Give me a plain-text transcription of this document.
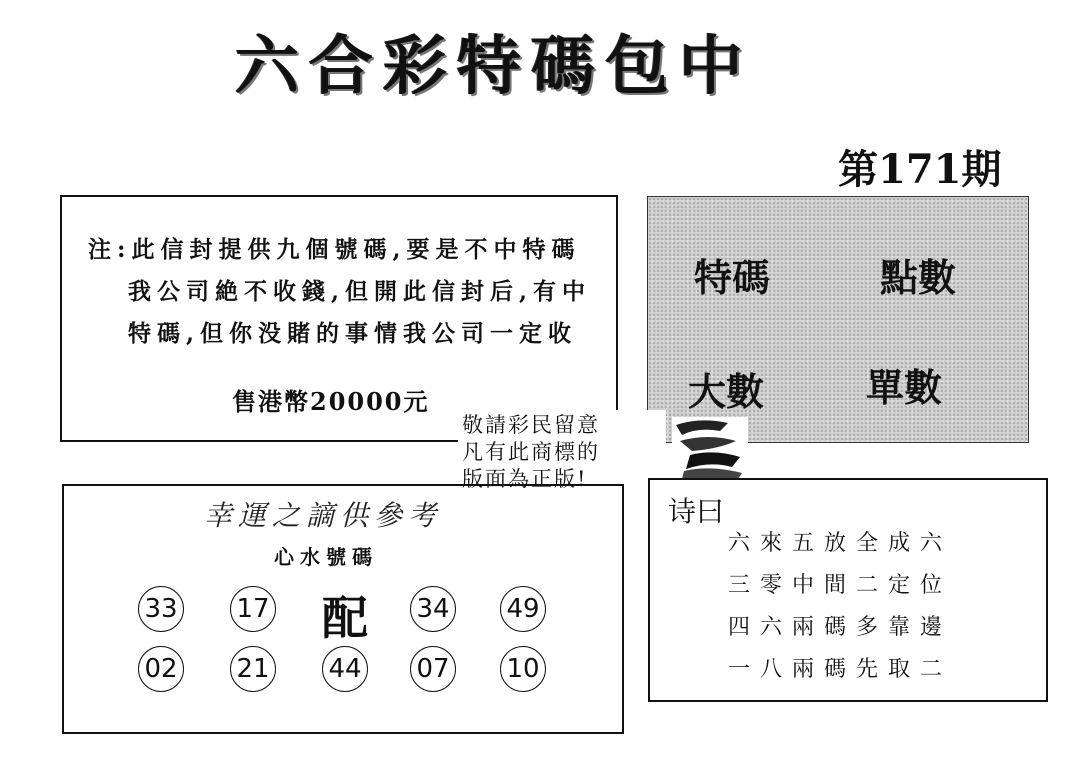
六合彩特碼包中
第171期
注:此信封提供九個號碼,要是不中特碼
我公司絶不收錢,但開此信封后,有中
特碼,但你没賭的事情我公司一定收
售港幣20000元
特碼	點數
大數	單數
敬請彩民留意
凡有此商標的
版面為正版!
幸運之謫供參考
心水號碼
33 17 配 34 49
02 21 44 07 10
诗曰
六來五放全成六
三零中間二定位
四六兩碼多靠邊
一八兩碼先取二
